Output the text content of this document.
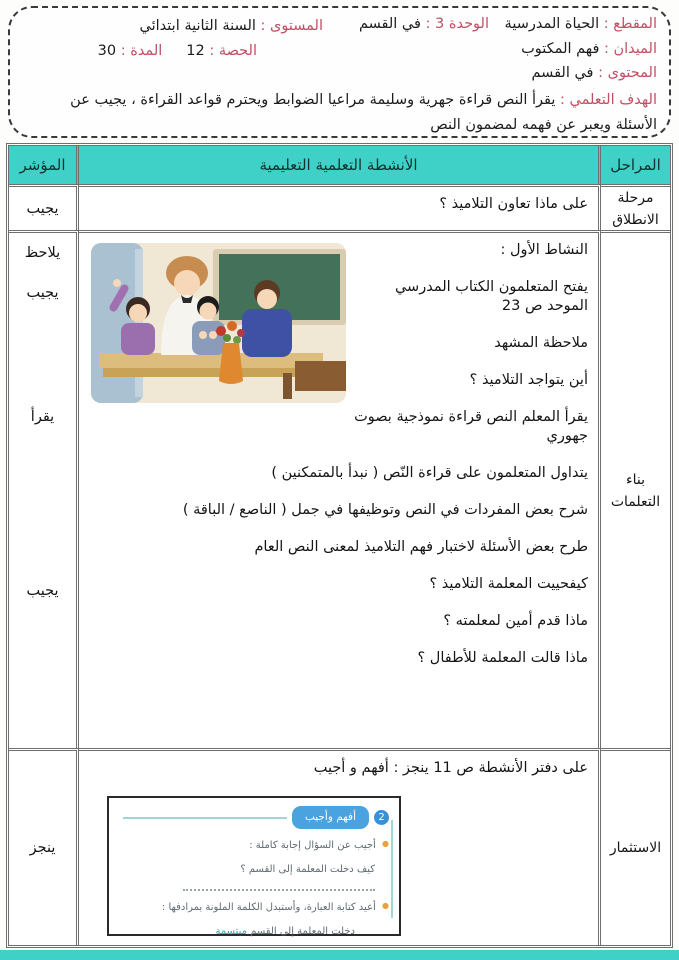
المقطع : الحياة المدرسية
الميدان : فهم المكتوب
المحتوى : في القسم
الوحدة 3 : في القسم
المستوى : السنة الثانية ابتدائي
الحصة : 12
المدة : 30
الهدف التعلمي : يقرأ النص قراءة جهرية وسليمة مراعيا الضوابط ويحترم قواعد القراءة ، يجيب عن الأسئلة ويعبر عن فهمه لمضمون النص
المراحل
الأنشطة التعلمية التعليمية
المؤشر
مرحلة الانطلاق

على ماذا تعاون التلاميذ ؟

يجيب
بناء التعلمات

النشاط الأول :

يفتح المتعلمون الكتاب المدرسي الموحد ص 23

ملاحظة المشهد

أين يتواجد التلاميذ ؟

يقرأ المعلم النص قراءة نموذجية بصوت جهوري

يتداول المتعلمون على قراءة النّص ( نبدأ بالمتمكنين )

شرح بعض المفردات في النص وتوظيفها في جمل ( الناصع / الباقة )

طرح بعض الأسئلة لاختبار فهم التلاميذ لمعنى النص العام

كيفحييت المعلمة التلاميذ ؟

ماذا قدم أمين لمعلمته ؟

ماذا قالت المعلمة للأطفال ؟

يلاحظ
يجيب
يقرأ
يجيب
الاستثمار

على دفتر الأنشطة ص 11 ينجز : أفهم و أجيب

2
أفهم وأجيب
● أجيب عن السؤال إجابة كاملة :
كيف دخلت المعلمة إلى القسم ؟
● أعيد كتابة العبارة، وأستبدل الكلمة الملونة بمرادفها :
دخلت المعلمة إلى القسم مبتسمة
ينجز
